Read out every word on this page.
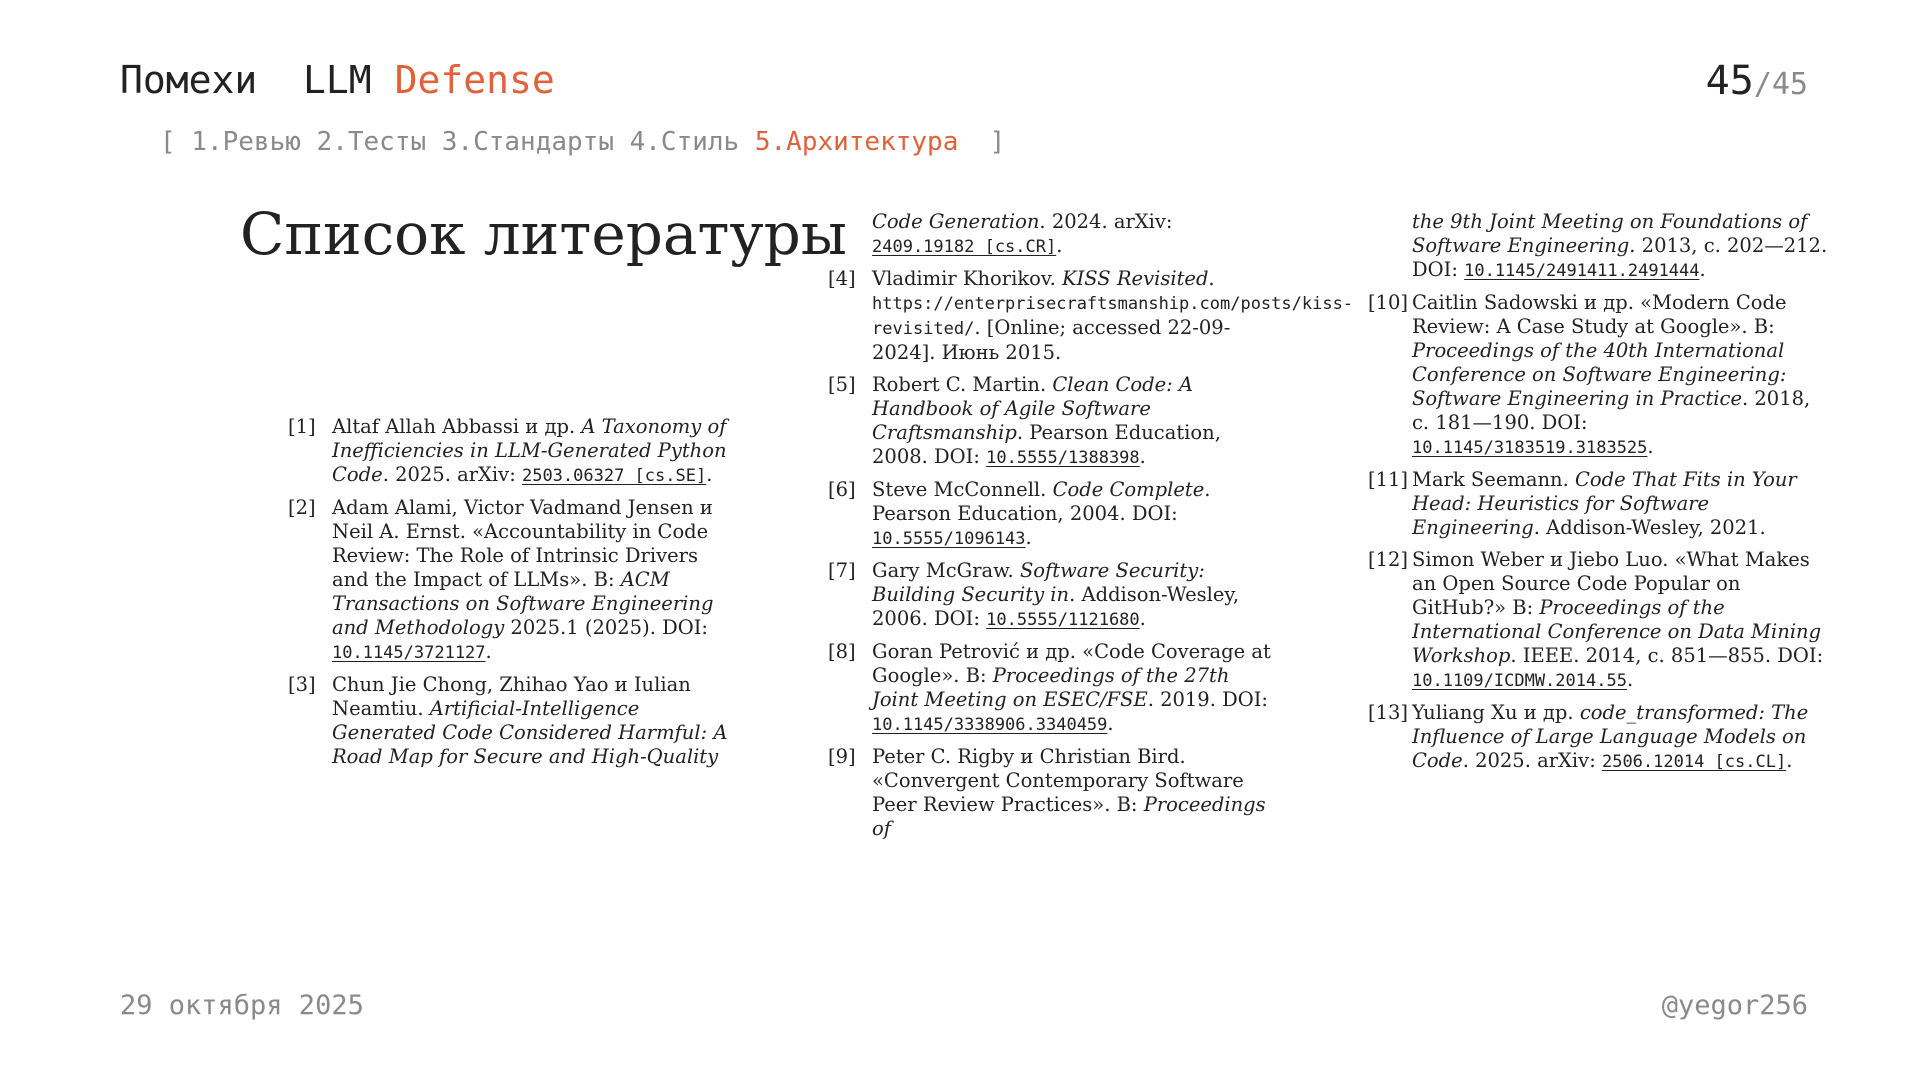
Помехи  LLM Defense	45/45
[ 1.Ревью 2.Тесты 3.Стандарты 4.Стиль 5.Архитектура ]
Список литературы
[1] Altaf Allah Abbassi и др. A Taxonomy of Inefficiencies in LLM-Generated Python Code. 2025. arXiv: 2503.06327 [cs.SE].
[2] Adam Alami, Victor Vadmand Jensen и Neil A. Ernst. «Accountability in Code Review: The Role of Intrinsic Drivers and the Impact of LLMs». В: ACM Transactions on Software Engineering and Methodology 2025.1 (2025). DOI: 10.1145/3721127.
[3] Chun Jie Chong, Zhihao Yao и Iulian Neamtiu. Artificial-Intelligence Generated Code Considered Harmful: A Road Map for Secure and High-Quality
Code Generation. 2024. arXiv: 2409.19182 [cs.CR].
[4] Vladimir Khorikov. KISS Revisited. https://enterprisecraftsmanship.com/posts/kiss-revisited/. [Online; accessed 22-09-2024]. Июнь 2015.
[5] Robert C. Martin. Clean Code: A Handbook of Agile Software Craftsmanship. Pearson Education, 2008. DOI: 10.5555/1388398.
[6] Steve McConnell. Code Complete. Pearson Education, 2004. DOI: 10.5555/1096143.
[7] Gary McGraw. Software Security: Building Security in. Addison-Wesley, 2006. DOI: 10.5555/1121680.
[8] Goran Petrović и др. «Code Coverage at Google». В: Proceedings of the 27th Joint Meeting on ESEC/FSE. 2019. DOI: 10.1145/3338906.3340459.
[9] Peter C. Rigby и Christian Bird. «Convergent Contemporary Software Peer Review Practices». В: Proceedings of
the 9th Joint Meeting on Foundations of Software Engineering. 2013, с. 202—212. DOI: 10.1145/2491411.2491444.
[10] Caitlin Sadowski и др. «Modern Code Review: A Case Study at Google». В: Proceedings of the 40th International Conference on Software Engineering: Software Engineering in Practice. 2018, с. 181—190. DOI: 10.1145/3183519.3183525.
[11] Mark Seemann. Code That Fits in Your Head: Heuristics for Software Engineering. Addison-Wesley, 2021.
[12] Simon Weber и Jiebo Luo. «What Makes an Open Source Code Popular on GitHub?» В: Proceedings of the International Conference on Data Mining Workshop. IEEE. 2014, с. 851—855. DOI: 10.1109/ICDMW.2014.55.
[13] Yuliang Xu и др. code_transformed: The Influence of Large Language Models on Code. 2025. arXiv: 2506.12014 [cs.CL].
29 октября 2025	@yegor256
